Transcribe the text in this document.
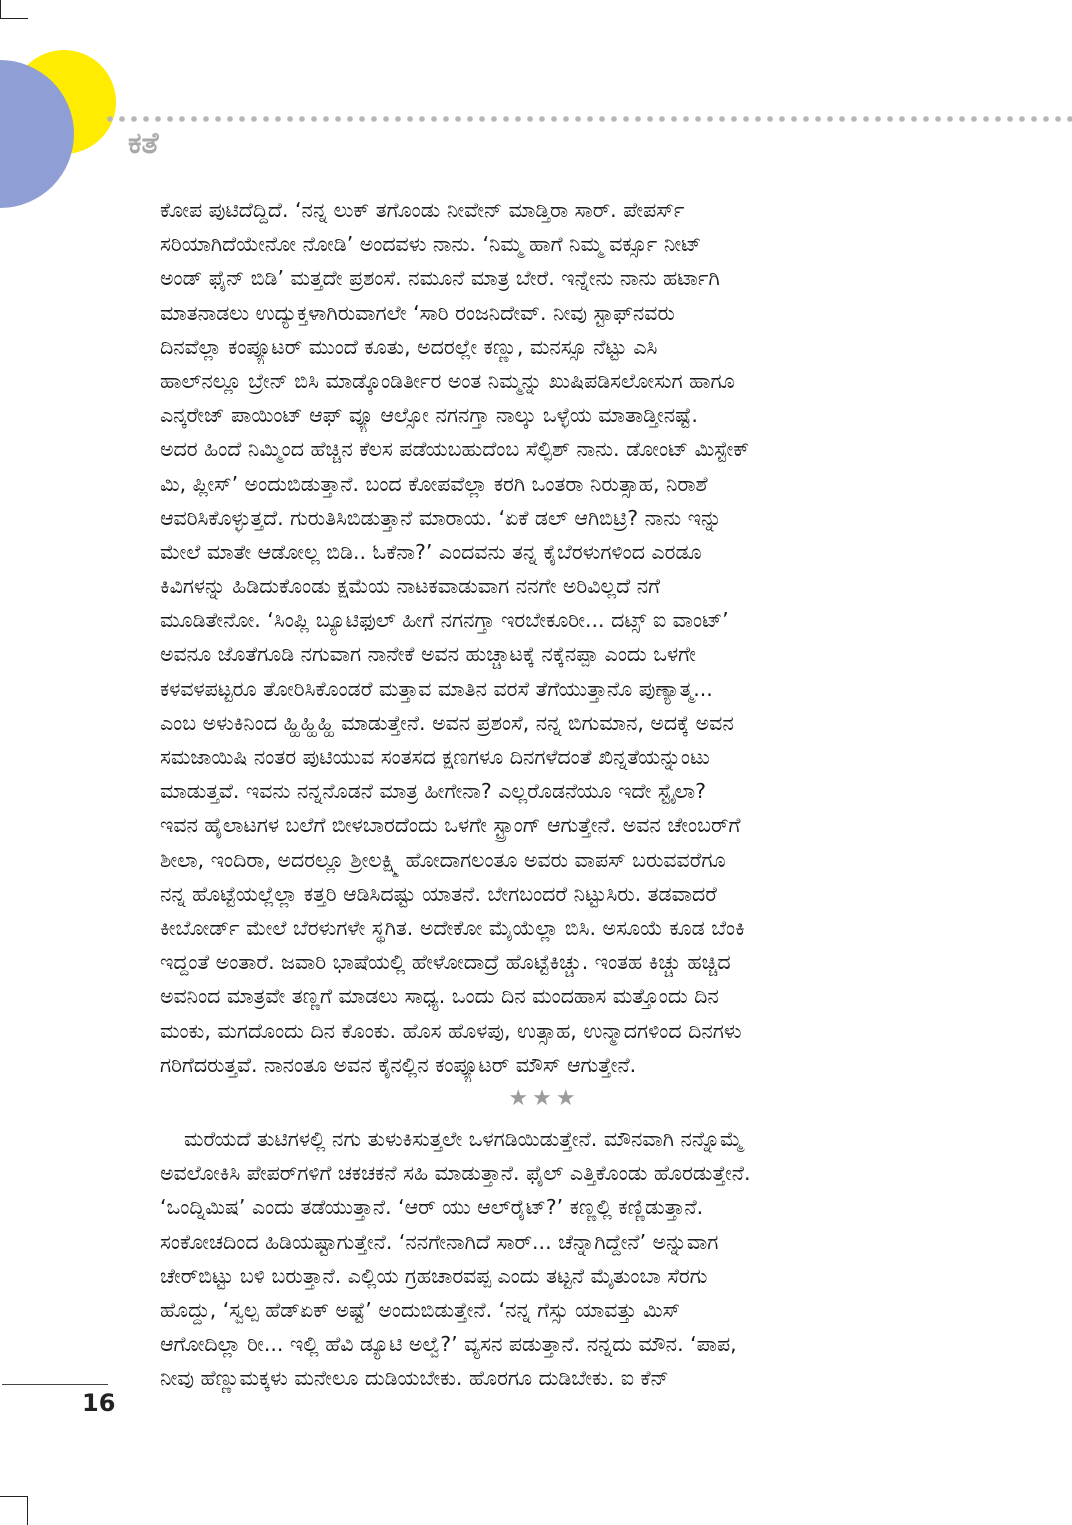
ಕತೆ
ಕೋಪ ಪುಟಿದೆದ್ದಿದೆ. ‘ನನ್ನ ಲುಕ್ ತಗೊಂಡು ನೀವೇನ್ ಮಾಡ್ತಿರಾ ಸಾರ್. ಪೇಪರ್ಸ್
ಸರಿಯಾಗಿದೆಯೇನೋ ನೋಡಿ’ ಅಂದವಳು ನಾನು. ‘ನಿಮ್ಮ ಹಾಗೆ ನಿಮ್ಮ ವರ್ಕ್ಸೂ ನೀಟ್
ಅಂಡ್ ಫೈನ್ ಬಿಡಿ’ ಮತ್ತದೇ ಪ್ರಶಂಸೆ. ನಮೂನೆ ಮಾತ್ರ ಬೇರೆ. ಇನ್ನೇನು ನಾನು ಹರ್ಟಾಗಿ
ಮಾತನಾಡಲು ಉದ್ಯುಕ್ತಳಾಗಿರುವಾಗಲೇ ‘ಸಾರಿ ರಂಜನಿದೇವ್. ನೀವು ಸ್ಟಾಫ್‌ನವರು
ದಿನವೆಲ್ಲಾ ಕಂಪ್ಯೂಟರ್ ಮುಂದೆ ಕೂತು, ಅದರಲ್ಲೇ ಕಣ್ಣು, ಮನಸ್ಸೂ ನೆಟ್ಟು ಎಸಿ
ಹಾಲ್‌ನಲ್ಲೂ ಬ್ರೇನ್ ಬಿಸಿ ಮಾಡ್ಕೊಂಡಿರ್ತೀರ ಅಂತ ನಿಮ್ಮನ್ನು ಖುಷಿಪಡಿಸಲೋಸುಗ ಹಾಗೂ
ಎನ್ಕರೇಜ್ ಪಾಯಿಂಟ್ ಆಫ್ ವ್ಯೂ ಆಲ್ಸೋ ನಗನಗ್ತಾ ನಾಲ್ಕು ಒಳ್ಳೆಯ ಮಾತಾಡ್ತೀನಷ್ಟೆ.
ಅದರ ಹಿಂದೆ ನಿಮ್ಮಿಂದ ಹೆಚ್ಚಿನ ಕೆಲಸ ಪಡೆಯಬಹುದೆಂಬ ಸೆಲ್ಫಿಶ್ ನಾನು. ಡೋಂಟ್ ಮಿಸ್ಟೇಕ್
ಮಿ, ಪ್ಲೀಸ್’ ಅಂದುಬಿಡುತ್ತಾನೆ. ಬಂದ ಕೋಪವೆಲ್ಲಾ ಕರಗಿ ಒಂತರಾ ನಿರುತ್ಸಾಹ, ನಿರಾಶೆ
ಆವರಿಸಿಕೊಳ್ಳುತ್ತದೆ. ಗುರುತಿಸಿಬಿಡುತ್ತಾನೆ ಮಾರಾಯ. ‘ಏಕೆ ಡಲ್ ಆಗಿಬಿಟ್ರಿ? ನಾನು ಇನ್ನು
ಮೇಲೆ ಮಾತೇ ಆಡೋಲ್ಲ ಬಿಡಿ.. ಓಕೆನಾ?’ ಎಂದವನು ತನ್ನ ಕೈಬೆರಳುಗಳಿಂದ ಎರಡೂ
ಕಿವಿಗಳನ್ನು ಹಿಡಿದುಕೊಂಡು ಕ್ಷಮೆಯ ನಾಟಕವಾಡುವಾಗ ನನಗೇ ಅರಿವಿಲ್ಲದೆ ನಗೆ
ಮೂಡಿತೇನೋ. ‘ಸಿಂಪ್ಲಿ ಬ್ಯೂಟಿಫುಲ್ ಹೀಗೆ ನಗನಗ್ತಾ ಇರಬೇಕೂರೀ... ದಟ್ಸ್ ಐ ವಾಂಟ್’
ಅವನೂ ಜೊತೆಗೂಡಿ ನಗುವಾಗ ನಾನೇಕೆ ಅವನ ಹುಚ್ಚಾಟಕ್ಕೆ ನಕ್ಕೆನಪ್ಪಾ ಎಂದು ಒಳಗೇ
ಕಳವಳಪಟ್ಟರೂ ತೋರಿಸಿಕೊಂಡರೆ ಮತ್ತಾವ ಮಾತಿನ ವರಸೆ ತೆಗೆಯುತ್ತಾನೊ ಪುಣ್ಯಾತ್ಮ...
ಎಂಬ ಅಳುಕಿನಿಂದ ಹ್ಹಿಹ್ಹಿಹ್ಹಿ ಮಾಡುತ್ತೇನೆ. ಅವನ ಪ್ರಶಂಸೆ, ನನ್ನ ಬಿಗುಮಾನ, ಅದಕ್ಕೆ ಅವನ
ಸಮಜಾಯಿಷಿ ನಂತರ ಪುಟಿಯುವ ಸಂತಸದ ಕ್ಷಣಗಳೂ ದಿನಗಳೆದಂತೆ ಖಿನ್ನತೆಯನ್ನುಂಟು
ಮಾಡುತ್ತವೆ. ಇವನು ನನ್ನನೊಡನೆ ಮಾತ್ರ ಹೀಗೇನಾ? ಎಲ್ಲರೊಡನೆಯೂ ಇದೇ ಸ್ಟೈಲಾ?
ಇವನ ಹೈಲಾಟಗಳ ಬಲೆಗೆ ಬೀಳಬಾರದೆಂದು ಒಳಗೇ ಸ್ಟ್ರಾಂಗ್ ಆಗುತ್ತೇನೆ. ಅವನ ಚೇಂಬರ್‌ಗೆ
ಶೀಲಾ, ಇಂದಿರಾ, ಅದರಲ್ಲೂ ಶ್ರೀಲಕ್ಷ್ಮಿ ಹೋದಾಗಲಂತೂ ಅವರು ವಾಪಸ್ ಬರುವವರೆಗೂ
ನನ್ನ ಹೊಟ್ಟೆಯಲ್ಲೆಲ್ಲಾ ಕತ್ತರಿ ಆಡಿಸಿದಷ್ಟು ಯಾತನೆ. ಬೇಗಬಂದರೆ ನಿಟ್ಟುಸಿರು. ತಡವಾದರೆ
ಕೀಬೋರ್ಡ್ ಮೇಲೆ ಬೆರಳುಗಳೇ ಸ್ಥಗಿತ. ಅದೇಕೋ ಮೈಯೆಲ್ಲಾ ಬಿಸಿ. ಅಸೂಯೆ ಕೂಡ ಬೆಂಕಿ
ಇದ್ದಂತೆ ಅಂತಾರೆ. ಜವಾರಿ ಭಾಷೆಯಲ್ಲಿ ಹೇಳೋದಾದ್ರೆ ಹೊಟ್ಟೆಕಿಚ್ಚು. ಇಂತಹ ಕಿಚ್ಚು ಹಚ್ಚಿದ
ಅವನಿಂದ ಮಾತ್ರವೇ ತಣ್ಣಗೆ ಮಾಡಲು ಸಾಧ್ಯ. ಒಂದು ದಿನ ಮಂದಹಾಸ ಮತ್ತೊಂದು ದಿನ
ಮಂಕು, ಮಗದೊಂದು ದಿನ ಕೊಂಕು. ಹೊಸ ಹೊಳಪು, ಉತ್ಸಾಹ, ಉನ್ಮಾದಗಳಿಂದ ದಿನಗಳು
ಗರಿಗೆದರುತ್ತವೆ. ನಾನಂತೂ ಅವನ ಕೈನಲ್ಲಿನ ಕಂಪ್ಯೂಟರ್ ಮೌಸ್ ಆಗುತ್ತೇನೆ.
★★★
ಮರೆಯದೆ ತುಟಿಗಳಲ್ಲಿ ನಗು ತುಳುಕಿಸುತ್ತಲೇ ಒಳಗಡಿಯಿಡುತ್ತೇನೆ. ಮೌನವಾಗಿ ನನ್ನೊಮ್ಮೆ
ಅವಲೋಕಿಸಿ ಪೇಪರ್‌ಗಳಿಗೆ ಚಕಚಕನೆ ಸಹಿ ಮಾಡುತ್ತಾನೆ. ಫೈಲ್ ಎತ್ತಿಕೊಂಡು ಹೊರಡುತ್ತೇನೆ.
‘ಒಂದ್ನಿಮಿಷ’ ಎಂದು ತಡೆಯುತ್ತಾನೆ. ‘ಆರ್ ಯು ಆಲ್‌ರೈಟ್?’ ಕಣ್ಣಲ್ಲಿ ಕಣ್ಣಿಡುತ್ತಾನೆ.
ಸಂಕೋಚದಿಂದ ಹಿಡಿಯಷ್ಟಾಗುತ್ತೇನೆ. ‘ನನಗೇನಾಗಿದೆ ಸಾರ್... ಚೆನ್ನಾಗಿದ್ದೇನೆ’ ಅನ್ನುವಾಗ
ಚೇರ್‌ಬಿಟ್ಟು ಬಳಿ ಬರುತ್ತಾನೆ. ಎಲ್ಲಿಯ ಗ್ರಹಚಾರವಪ್ಪ ಎಂದು ತಟ್ಟನೆ ಮೈತುಂಬಾ ಸೆರಗು
ಹೊದ್ದು, ‘ಸ್ವಲ್ಪ ಹೆಡ್‌ಏಕ್ ಅಷ್ಟೆ’ ಅಂದುಬಿಡುತ್ತೇನೆ. ‘ನನ್ನ ಗೆಸ್ಸು ಯಾವತ್ತು ಮಿಸ್
ಆಗೋದಿಲ್ಲಾ ರೀ... ಇಲ್ಲಿ ಹೆವಿ ಡ್ಯೂಟಿ ಅಲ್ವೆ?’ ವ್ಯಸನ ಪಡುತ್ತಾನೆ. ನನ್ನದು ಮೌನ. ‘ಪಾಪ,
ನೀವು ಹೆಣ್ಣುಮಕ್ಕಳು ಮನೇಲೂ ದುಡಿಯಬೇಕು. ಹೊರಗೂ ದುಡಿಬೇಕು. ಐ ಕೆನ್
16
